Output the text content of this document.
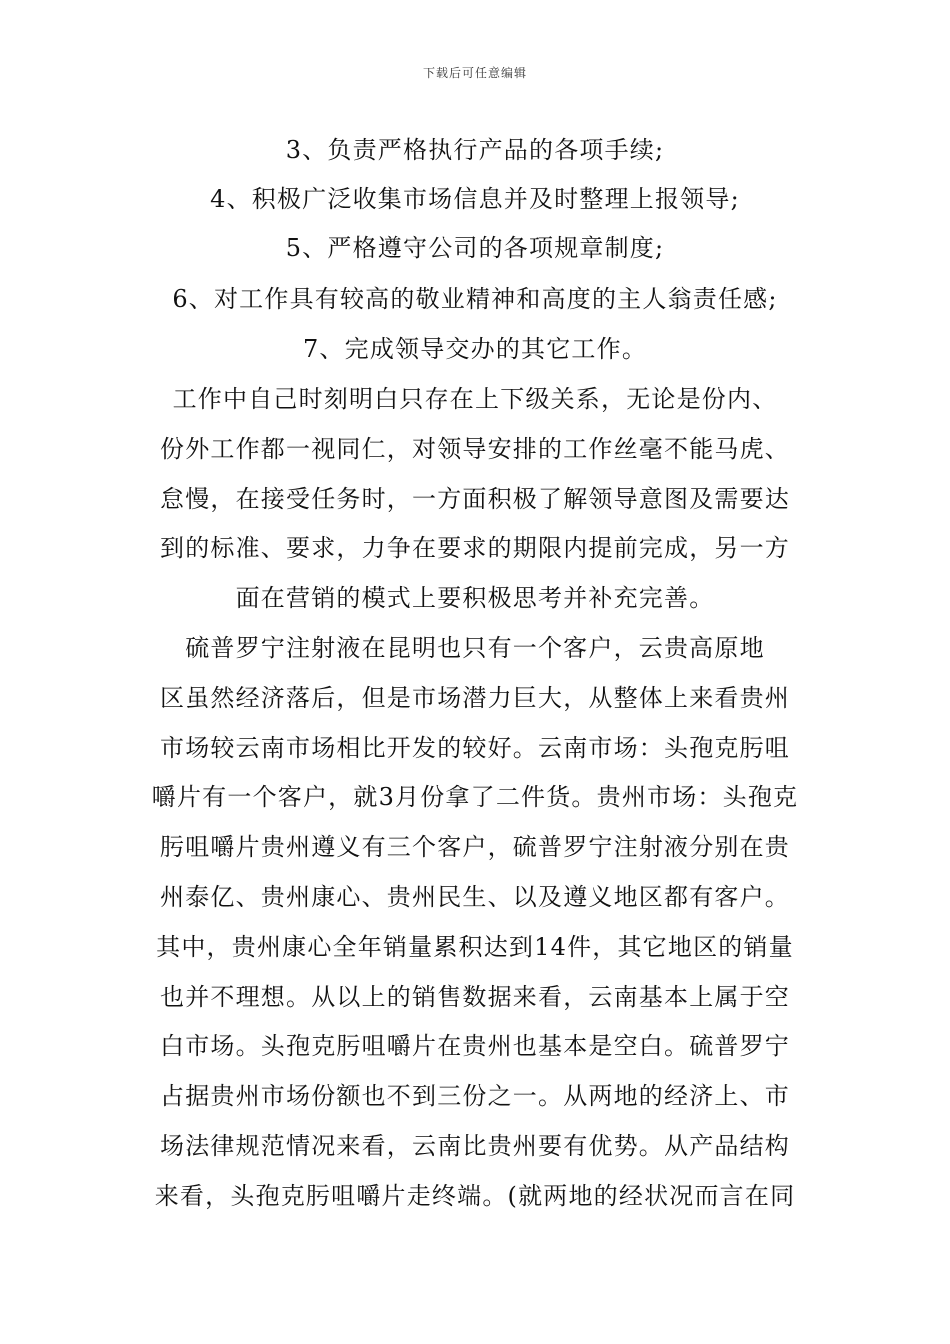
下载后可任意编辑
3、负责严格执行产品的各项手续;
4、积极广泛收集市场信息并及时整理上报领导;
5、严格遵守公司的各项规章制度;
6、对工作具有较高的敬业精神和高度的主人翁责任感;
7、完成领导交办的其它工作。
工作中自己时刻明白只存在上下级关系，无论是份内、
份外工作都一视同仁，对领导安排的工作丝毫不能马虎、
怠慢，在接受任务时，一方面积极了解领导意图及需要达
到的标准、要求，力争在要求的期限内提前完成，另一方
面在营销的模式上要积极思考并补充完善。
硫普罗宁注射液在昆明也只有一个客户，云贵高原地
区虽然经济落后，但是市场潜力巨大，从整体上来看贵州
市场较云南市场相比开发的较好。云南市场：头孢克肟咀
嚼片有一个客户，就3月份拿了二件货。贵州市场：头孢克
肟咀嚼片贵州遵义有三个客户，硫普罗宁注射液分别在贵
州泰亿、贵州康心、贵州民生、以及遵义地区都有客户。
其中，贵州康心全年销量累积达到14件，其它地区的销量
也并不理想。从以上的销售数据来看，云南基本上属于空
白市场。头孢克肟咀嚼片在贵州也基本是空白。硫普罗宁
占据贵州市场份额也不到三份之一。从两地的经济上、市
场法律规范情况来看，云南比贵州要有优势。从产品结构
来看，头孢克肟咀嚼片走终端。(就两地的经状况而言在同
